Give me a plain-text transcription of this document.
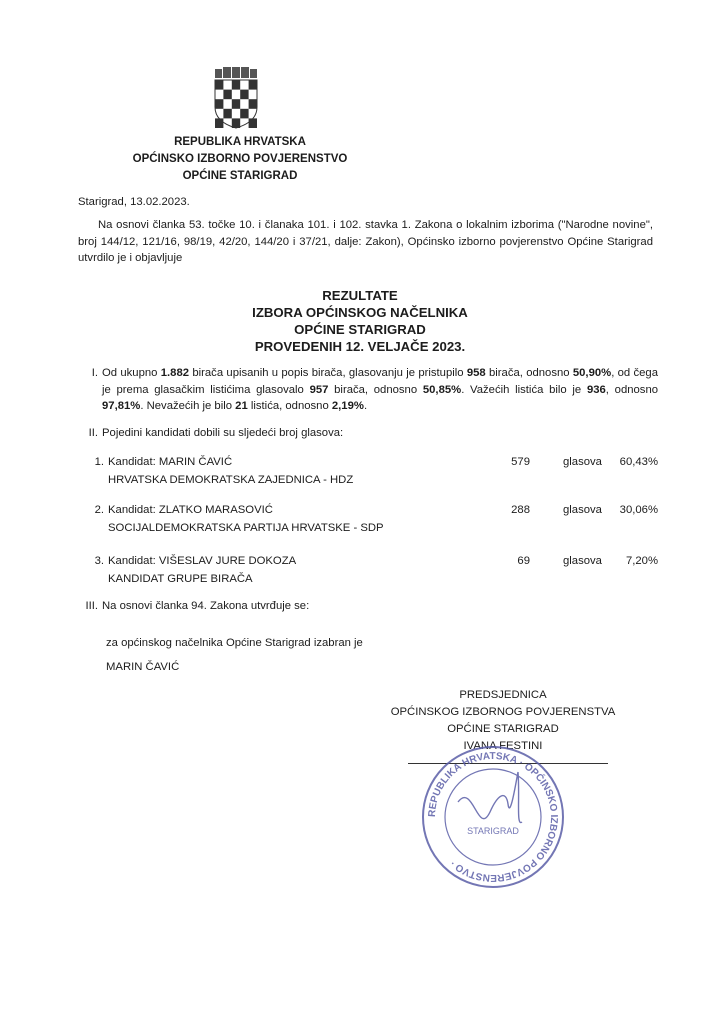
REPUBLIKA HRVATSKA
OPĆINSKO IZBORNO POVJERENSTVO
OPĆINE STARIGRAD
Starigrad, 13.02.2023.

Na osnovi članka 53. točke 10. i članaka 101. i 102. stavka 1. Zakona o lokalnim izborima ("Narodne novine", broj 144/12, 121/16, 98/19, 42/20, 144/20 i 37/21, dalje: Zakon), Općinsko izborno povjerenstvo Općine Starigrad utvrdilo je i objavljuje

REZULTATE
IZBORA OPĆINSKOG NAČELNIKA
OPĆINE STARIGRAD
PROVEDENIH 12. VELJAČE 2023.
I. Od ukupno 1.882 birača upisanih u popis birača, glasovanju je pristupilo 958 birača, odnosno 50,90%, od čega je prema glasačkim listićima glasovalo 957 birača, odnosno 50,85%. Važećih listića bilo je 936, odnosno 97,81%. Nevažećih je bilo 21 listića, odnosno 2,19%.
II. Pojedini kandidati dobili su sljedeći broj glasova:
1. Kandidat: MARIN ČAVIĆ	579	glasova	60,43%
HRVATSKA DEMOKRATSKA ZAJEDNICA - HDZ
2. Kandidat: ZLATKO MARASOVIĆ	288	glasova	30,06%
SOCIJALDEMOKRATSKA PARTIJA HRVATSKE - SDP
3. Kandidat: VIŠESLAV JURE DOKOZA	69	glasova	7,20%
KANDIDAT GRUPE BIRAČA
III. Na osnovi članka 94. Zakona utvrđuje se:
za općinskog načelnika Općine Starigrad izabran je
MARIN ČAVIĆ
PREDSJEDNICA
OPĆINSKOG IZBORNOG POVJERENSTVA
OPĆINE STARIGRAD
IVANA FESTINI
REPUBLIKA HRVATSKA · OPĆINSKO IZBORNO POVJERENSTVO ·
STARIGRAD
